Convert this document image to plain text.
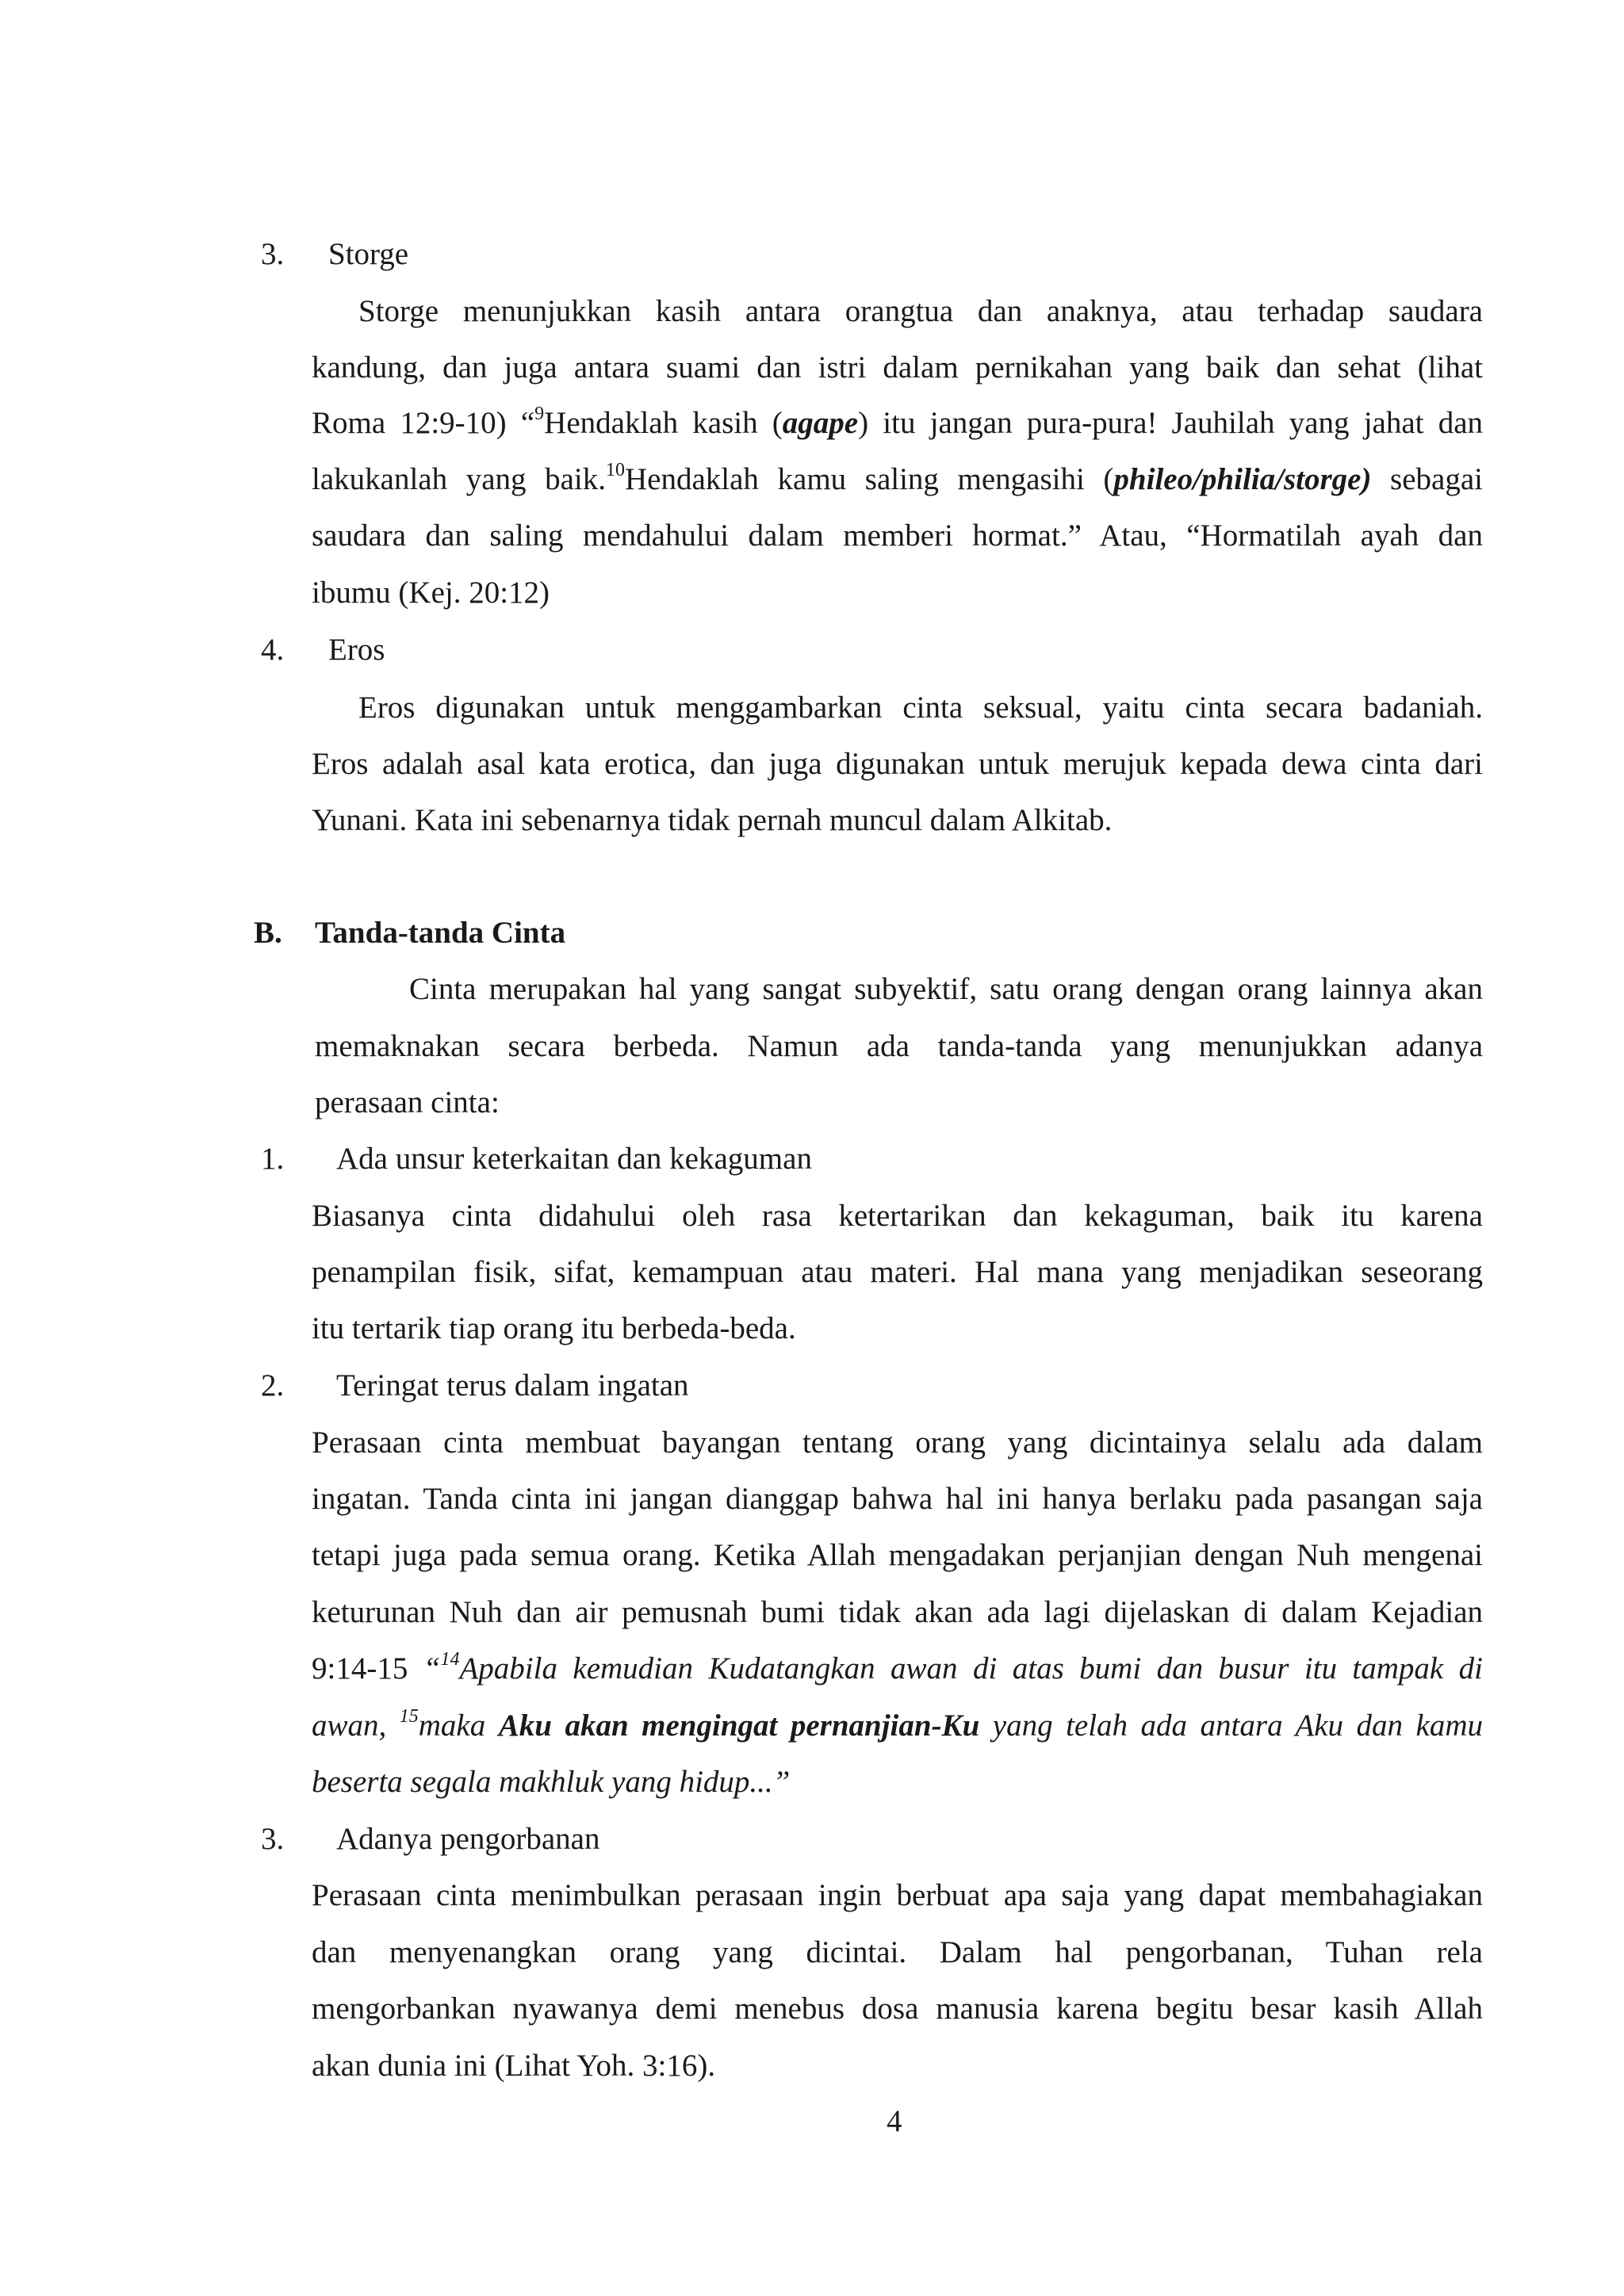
3. Storge
Storge menunjukkan kasih antara orangtua dan anaknya, atau terhadap saudara
kandung, dan juga antara suami dan istri dalam pernikahan yang baik dan sehat (lihat
Roma 12:9-10) “$^9$Hendaklah kasih (agape) itu jangan pura-pura! Jauhilah yang jahat dan
lakukanlah yang baik.$^{10}$Hendaklah kamu saling mengasihi (phileo/philia/storge) sebagai
saudara dan saling mendahului dalam memberi hormat.” Atau, “Hormatilah ayah dan
ibumu (Kej. 20:12)
4. Eros
Eros digunakan untuk menggambarkan cinta seksual, yaitu cinta secara badaniah.
Eros adalah asal kata erotica, dan juga digunakan untuk merujuk kepada dewa cinta dari
Yunani. Kata ini sebenarnya tidak pernah muncul dalam Alkitab.
B. Tanda-tanda Cinta
Cinta merupakan hal yang sangat subyektif, satu orang dengan orang lainnya akan
memaknakan secara berbeda. Namun ada tanda-tanda yang menunjukkan adanya
perasaan cinta:
1. Ada unsur keterkaitan dan kekaguman
Biasanya cinta didahului oleh rasa ketertarikan dan kekaguman, baik itu karena
penampilan fisik, sifat, kemampuan atau materi. Hal mana yang menjadikan seseorang
itu tertarik tiap orang itu berbeda-beda.
2. Teringat terus dalam ingatan
Perasaan cinta membuat bayangan tentang orang yang dicintainya selalu ada dalam
ingatan. Tanda cinta ini jangan dianggap bahwa hal ini hanya berlaku pada pasangan saja
tetapi juga pada semua orang. Ketika Allah mengadakan perjanjian dengan Nuh mengenai
keturunan Nuh dan air pemusnah bumi tidak akan ada lagi dijelaskan di dalam Kejadian
9:14-15 “$^{14}$Apabila kemudian Kudatangkan awan di atas bumi dan busur itu tampak di
awan, $^{15}$maka Aku akan mengingat pernanjian-Ku yang telah ada antara Aku dan kamu
beserta segala makhluk yang hidup...”
3. Adanya pengorbanan
Perasaan cinta menimbulkan perasaan ingin berbuat apa saja yang dapat membahagiakan
dan menyenangkan orang yang dicintai. Dalam hal pengorbanan, Tuhan rela
mengorbankan nyawanya demi menebus dosa manusia karena begitu besar kasih Allah
akan dunia ini (Lihat Yoh. 3:16).
4
